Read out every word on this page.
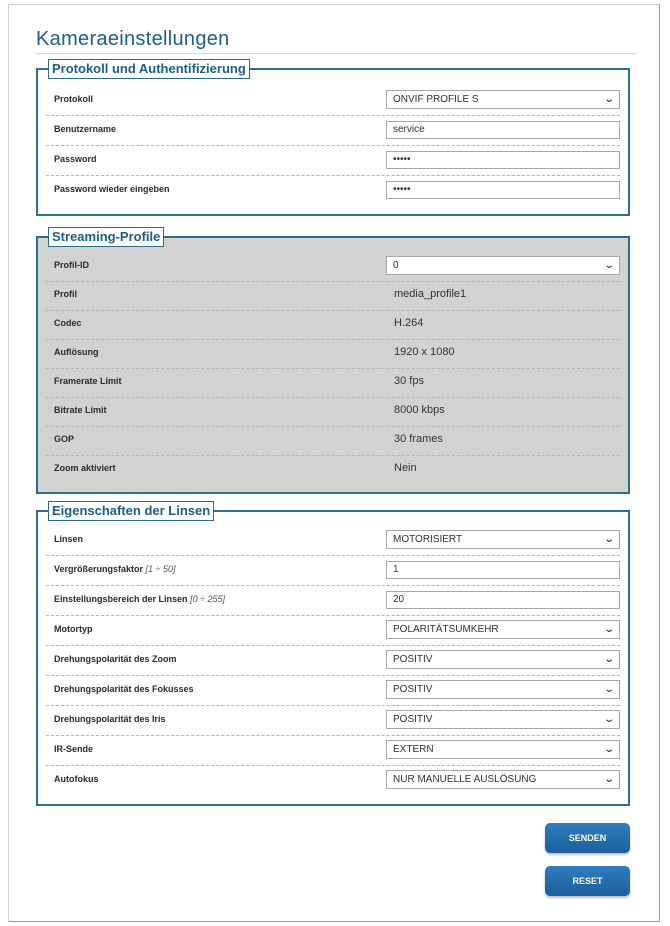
Kameraeinstellungen
Protokoll und Authentifizierung
Protokoll	ONVIF PROFILE S	⌄
Benutzername	service
Password	•••••
Password wieder eingeben	•••••
Streaming-Profile
Profil-ID	0	⌄
Profil	media_profile1
Codec	H.264
Auflösung	1920 x 1080
Framerate Limit	30 fps
Bitrate Limit	8000 kbps
GOP	30 frames
Zoom aktiviert	Nein
Eigenschaften der Linsen
Linsen	MOTORISIERT	⌄
Vergrößerungsfaktor [1 ÷ 50]	1
Einstellungsbereich der Linsen [0 ÷ 255]	20
Motortyp	POLARITÄTSUMKEHR	⌄
Drehungspolarität des Zoom	POSITIV	⌄
Drehungspolarität des Fokusses	POSITIV	⌄
Drehungspolarität des Iris	POSITIV	⌄
IR-Sende	EXTERN	⌄
Autofokus	NUR MANUELLE AUSLÖSUNG	⌄
SENDEN
RESET
